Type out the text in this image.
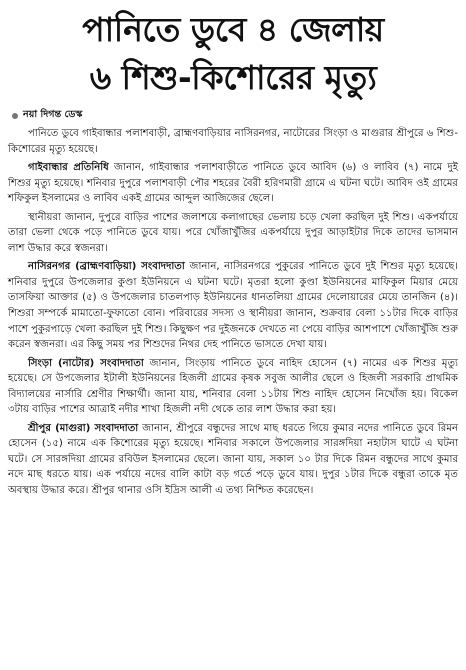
পানিতে ডুবে ৪ জেলায়
৬ শিশু-কিশোরের মৃত্যু
নয়া দিগন্ত ডেস্ক

পানিতে ডুবে গাইবান্ধার পলাশবাড়ী, ব্রাহ্মণবাড়িয়ার নাসিরনগর, নাটোরের সিংড়া ও মাগুরার শ্রীপুরে ৬ শিশু-কিশোরের মৃত্যু হয়েছে।

গাইবান্ধার প্রতিনিধি জানান, গাইবান্ধার পলাশবাড়ীতে পানিতে ডুবে আবিদ (৬) ও লাবিব (৭) নামে দুই শিশুর মৃত্যু হয়েছে। শনিবার দুপুরে পলাশবাড়ী পৌর শহরের বৈরী হরিণমারী গ্রামে এ ঘটনা ঘটে। আবিদ ওই গ্রামের শফিকুল ইসলামের ও লাবিব একই গ্রামের আব্দুল আজিজের ছেলে।

স্থানীয়রা জানান, দুপুরে বাড়ির পাশের জলাশয়ে কলাগাছের ভেলায় চড়ে খেলা করছিল দুই শিশু। একপর্যায়ে তারা ভেলা থেকে পড়ে পানিতে ডুবে যায়। পরে খোঁজাখুঁজির একপর্যায়ে দুপুর আড়াইটার দিকে তাদের ভাসমান লাশ উদ্ধার করে স্বজনরা।

নাসিরনগর (ব্রাহ্মণবাড়িয়া) সংবাদদাতা জানান, নাসিরনগরে পুকুরের পানিতে ডুবে দুই শিশুর মৃত্যু হয়েছে। শনিবার দুপুরে উপজেলার কুণ্ডা ইউনিয়নে এ ঘটনা ঘটে। মৃতরা হলো কুণ্ডা ইউনিয়নের মাফিকুল মিয়ার মেয়ে তাসফিয়া আক্তার (৫) ও উপজেলার চাতলপাড় ইউনিয়নের ধানতলিয়া গ্রামের দেলোয়ারের মেয়ে তানজিন (৪)। শিশুরা সম্পর্কে মামাতো-ফুফাতো বোন। পরিবারের সদস্য ও স্থানীয়রা জানান, শুক্রবার বেলা ১১টার দিকে বাড়ির পাশে পুকুরপাড়ে খেলা করছিল দুই শিশু। কিছুক্ষণ পর দুইজনকে দেখতে না পেয়ে বাড়ির আশপাশে খোঁজাখুঁজি শুরু করেন স্বজনরা। এর কিছু সময় পর শিশুদের নিথর দেহ পানিতে ভাসতে দেখা যায়।

সিংড়া (নাটোর) সংবাদদাতা জানান, সিংড়ায় পানিতে ডুবে নাহিদ হোসেন (৭) নামের এক শিশুর মৃত্যু হয়েছে। সে উপজেলার ইটালী ইউনিয়নের হিজলী গ্রামের কৃষক সবুজ আলীর ছেলে ও হিজলী সরকারি প্রাথমিক বিদ্যালয়ের নার্সারি শ্রেণীর শিক্ষার্থী। জানা যায়, শনিবার বেলা ১১টায় শিশু নাহিদ হোসেন নিখোঁজ হয়। বিকেল ৩টায় বাড়ির পাশের আত্রাই নদীর শাখা হিজলী নদী থেকে তার লাশ উদ্ধার করা হয়।

শ্রীপুর (মাগুরা) সংবাদদাতা জানান, শ্রীপুরে বন্ধুদের সাথে মাছ ধরতে গিয়ে কুমার নদের পানিতে ডুবে রিমন হোসেন (১৫) নামে এক কিশোরের মৃত্যু হয়েছে। শনিবার সকালে উপজেলার সারঙ্গদিয়া নহাটাস ঘাটে এ ঘটনা ঘটে। সে সারঙ্গদিয়া গ্রামের রবিউল ইসলামের ছেলে। জানা যায়, সকাল ১০ টার দিকে রিমন বন্ধুদের সাথে কুমার নদে মাছ ধরতে যায়। এক পর্যায়ে নদের বালি কাটা বড় গর্তে পড়ে ডুবে যায়। দুপুর ১টার দিকে বন্ধুরা তাকে মৃত অবস্থায় উদ্ধার করে। শ্রীপুর থানার ওসি ইদ্রিস আলী এ তথ্য নিশ্চিত করেছেন।
